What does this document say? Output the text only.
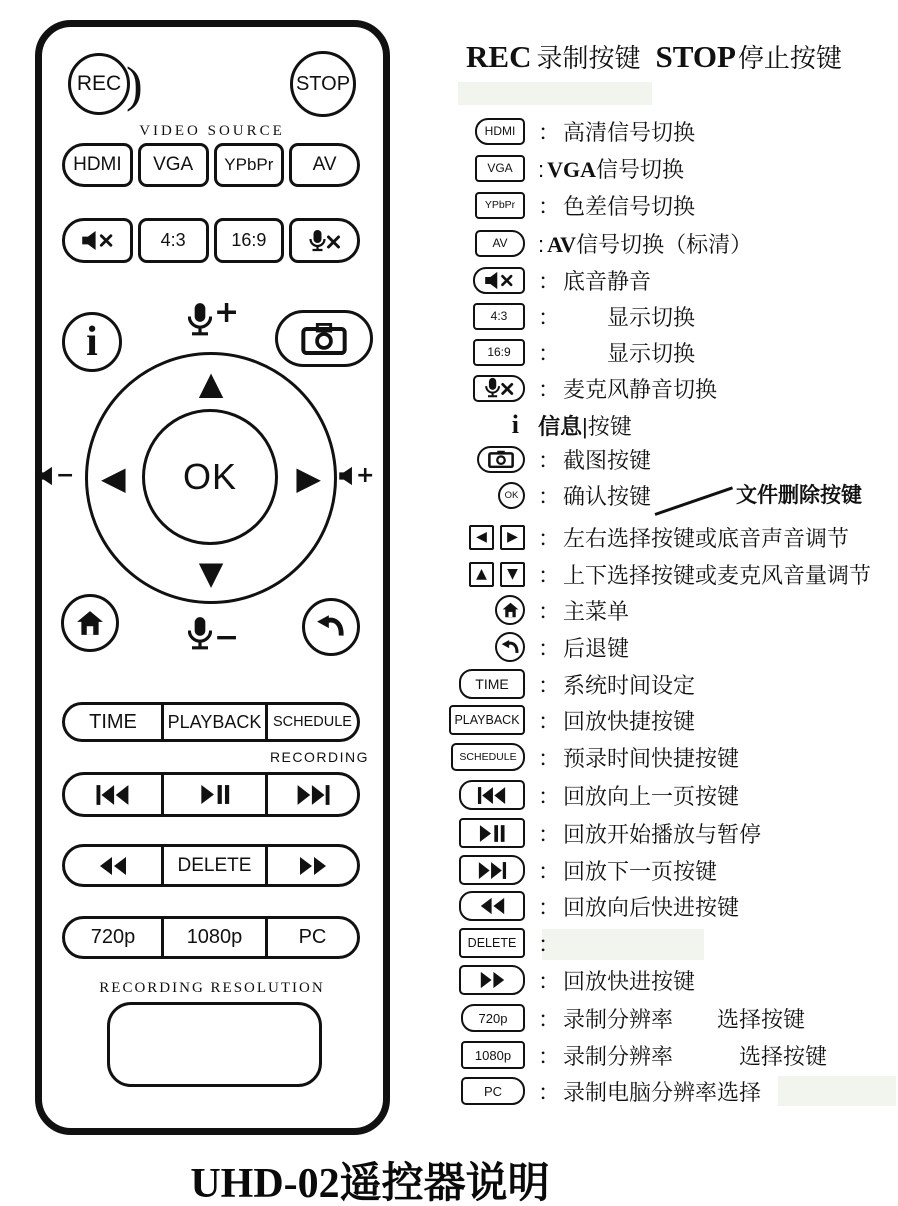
REC )	STOP
VIDEO SOURCE
HDMI	VGA	YPbPr	AV
4:3	16:9
i
+
−	+
▲
▼
◀	▶
OK
−
TIME	PLAYBACK SCHEDULE
RECORDING
DELETE
720p	1080p	PC
RECORDING RESOLUTION
REC 录制按键 STOP 停止按键
HDMI ： 高清信号切换
VGA : VGA 信号切换
YPbPr ： 色差信号切换
AV : AV 信号切换（标清）
： 底音静音
4:3 ： 　　显示切换
16:9 ： 　　显示切换
： 麦克风静音切换
i 信息 |按键
： 截图按键
OK ： 确认按键
◀	▶ ： 左右选择按键或底音声音调节
▲	▼ ： 上下选择按键或麦克风音量调节
： 主菜单
： 后退键
TIME ： 系统时间设定
PLAYBACK ： 回放快捷按键
SCHEDULE ： 预录时间快捷按键
： 回放向上一页按键
： 回放开始播放与暂停
： 回放下一页按键
： 回放向后快进按键
DELETE ：
： 回放快进按键
720p ： 录制分辨率　　选择按键
1080p ： 录制分辨率　　　选择按键
PC ： 录制电脑分辨率选择
文件删除按键
UHD-02遥控器说明
